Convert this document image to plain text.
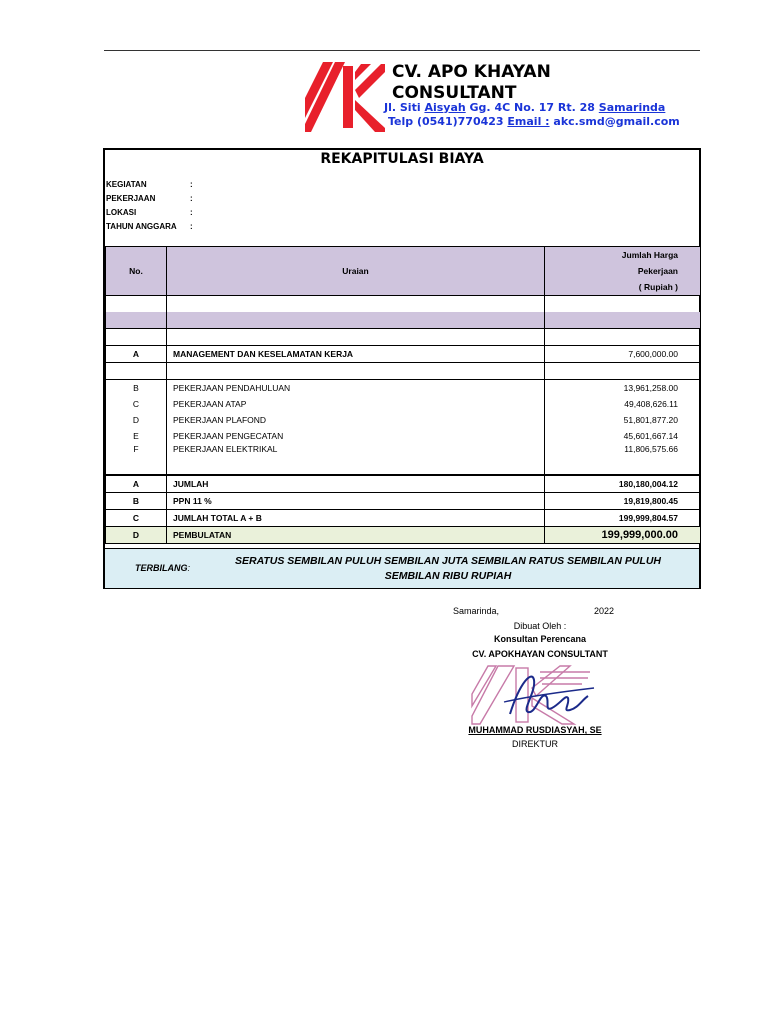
CV. APO KHAYAN
CONSULTANT
Jl. Siti Aisyah Gg. 4C No. 17 Rt. 28 Samarinda
Telp (0541)770423 Email : akc.smd@gmail.com
REKAPITULASI BIAYA
KEGIATAN	:
PEKERJAAN	:
LOKASI	:
TAHUN ANGGARA	:
No.	Uraian	Jumlah Harga
Pekerjaan
( Rupiah )

A	MANAGEMENT DAN KESELAMATAN KERJA	7,600,000.00

B	PEKERJAAN PENDAHULUAN	13,961,258.00
C	PEKERJAAN ATAP	49,408,626.11
D	PEKERJAAN PLAFOND	51,801,877.20
E	PEKERJAAN PENGECATAN	45,601,667.14
F	PEKERJAAN ELEKTRIKAL	11,806,575.66
A	JUMLAH	180,180,004.12
B	PPN 11 %	19,819,800.45
C	JUMLAH TOTAL A + B	199,999,804.57
D	PEMBULATAN	199,999,000.00
TERBILANG:
SERATUS SEMBILAN PULUH SEMBILAN JUTA SEMBILAN RATUS SEMBILAN PULUH SEMBILAN RIBU RUPIAH
Samarinda,	2022
Dibuat Oleh :
Konsultan Perencana
CV. APOKHAYAN CONSULTANT
MUHAMMAD RUSDIASYAH, SE
DIREKTUR
